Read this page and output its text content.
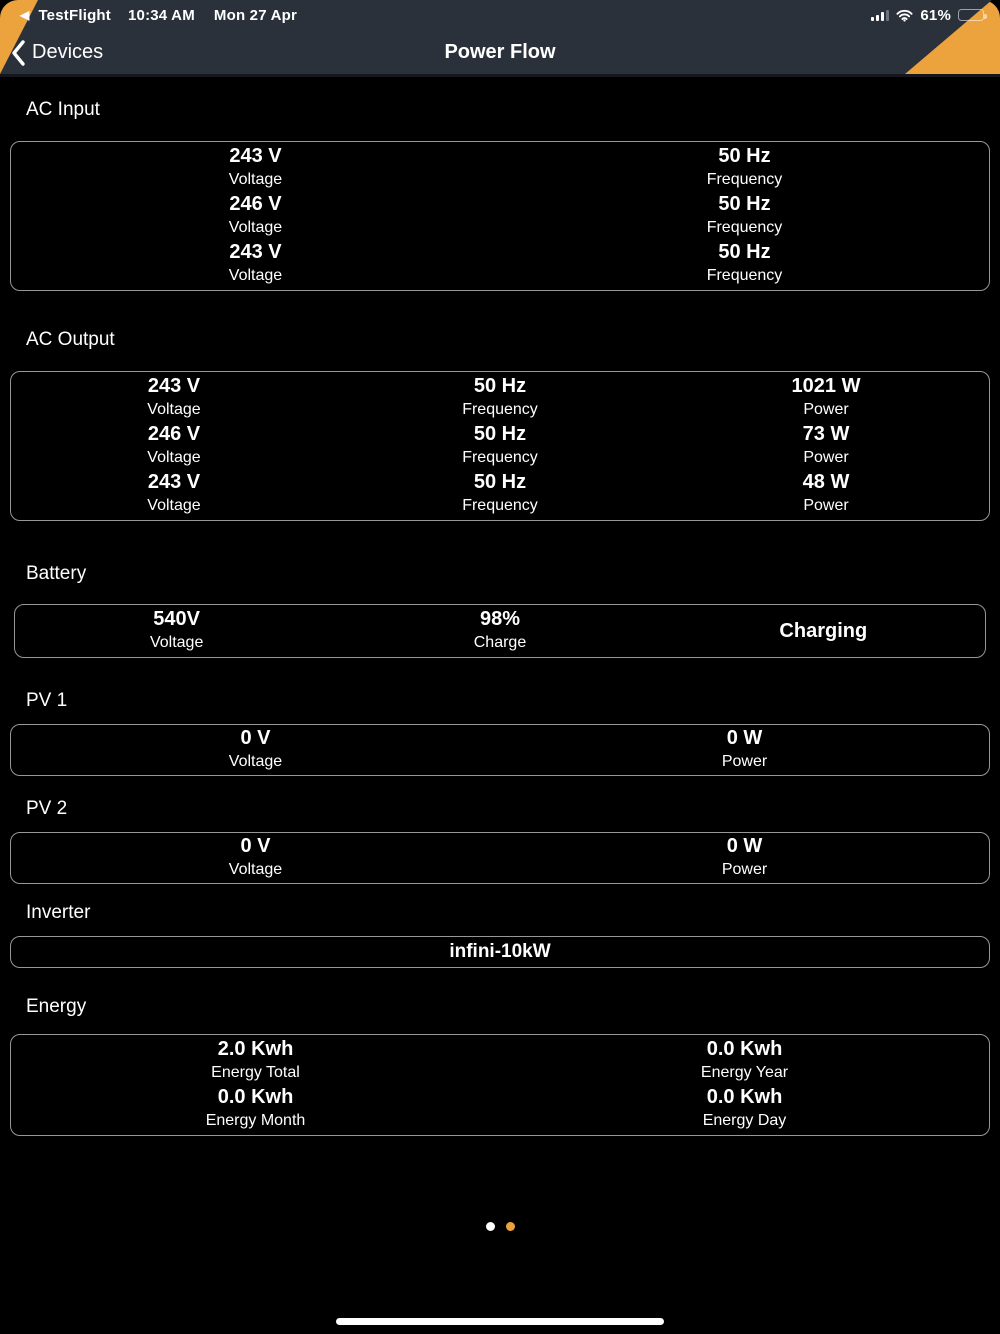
◀ TestFlight 10:34 AM Mon 27 Apr	61%
Devices	Power Flow
AC Input
243 V
Voltage
246 V
Voltage
243 V
Voltage
50 Hz
Frequency
50 Hz
Frequency
50 Hz
Frequency
AC Output
243 V
Voltage
246 V
Voltage
243 V
Voltage
50 Hz
Frequency
50 Hz
Frequency
50 Hz
Frequency
1021 W
Power
73 W
Power
48 W
Power
Battery
540V
Voltage
98%
Charge
Charging
PV 1
0 V
Voltage
0 W
Power
PV 2
0 V
Voltage
0 W
Power
Inverter
infini-10kW
Energy
2.0 Kwh
Energy Total
0.0 Kwh
Energy Month
0.0 Kwh
Energy Year
0.0 Kwh
Energy Day
